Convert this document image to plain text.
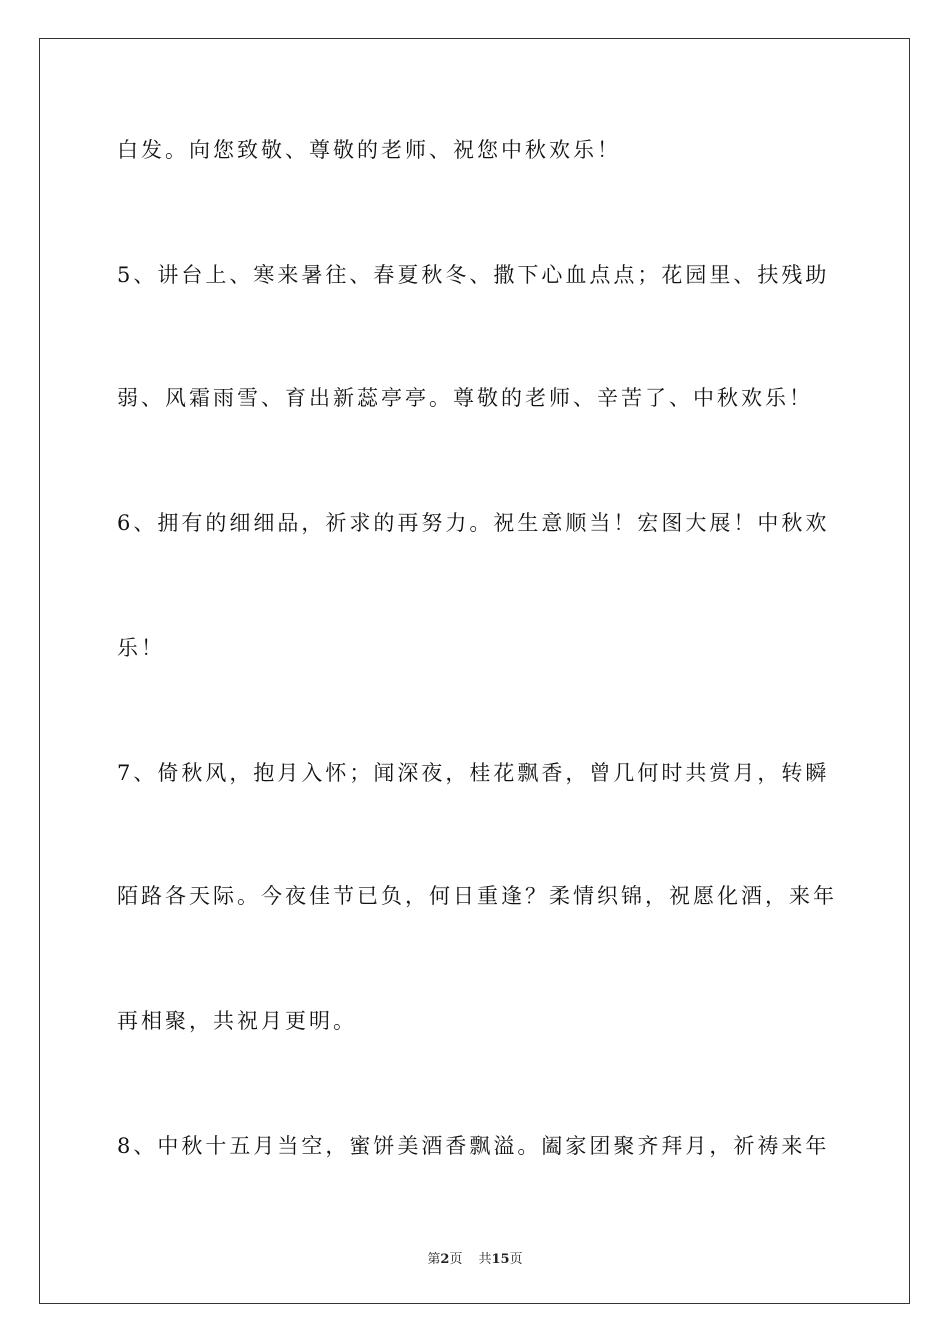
白发。向您致敬、尊敬的老师、祝您中秋欢乐！
5、讲台上、寒来暑往、春夏秋冬、撒下心血点点；花园里、扶残助
弱、风霜雨雪、育出新蕊亭亭。尊敬的老师、辛苦了、中秋欢乐！
6、拥有的细细品，祈求的再努力。祝生意顺当！宏图大展！中秋欢
乐！
7、倚秋风，抱月入怀；闻深夜，桂花飘香，曾几何时共赏月，转瞬
陌路各天际。今夜佳节已负，何日重逢？柔情织锦，祝愿化酒，来年
再相聚，共祝月更明。
8、中秋十五月当空，蜜饼美酒香飘溢。阖家团聚齐拜月，祈祷来年
第2页 共15页
